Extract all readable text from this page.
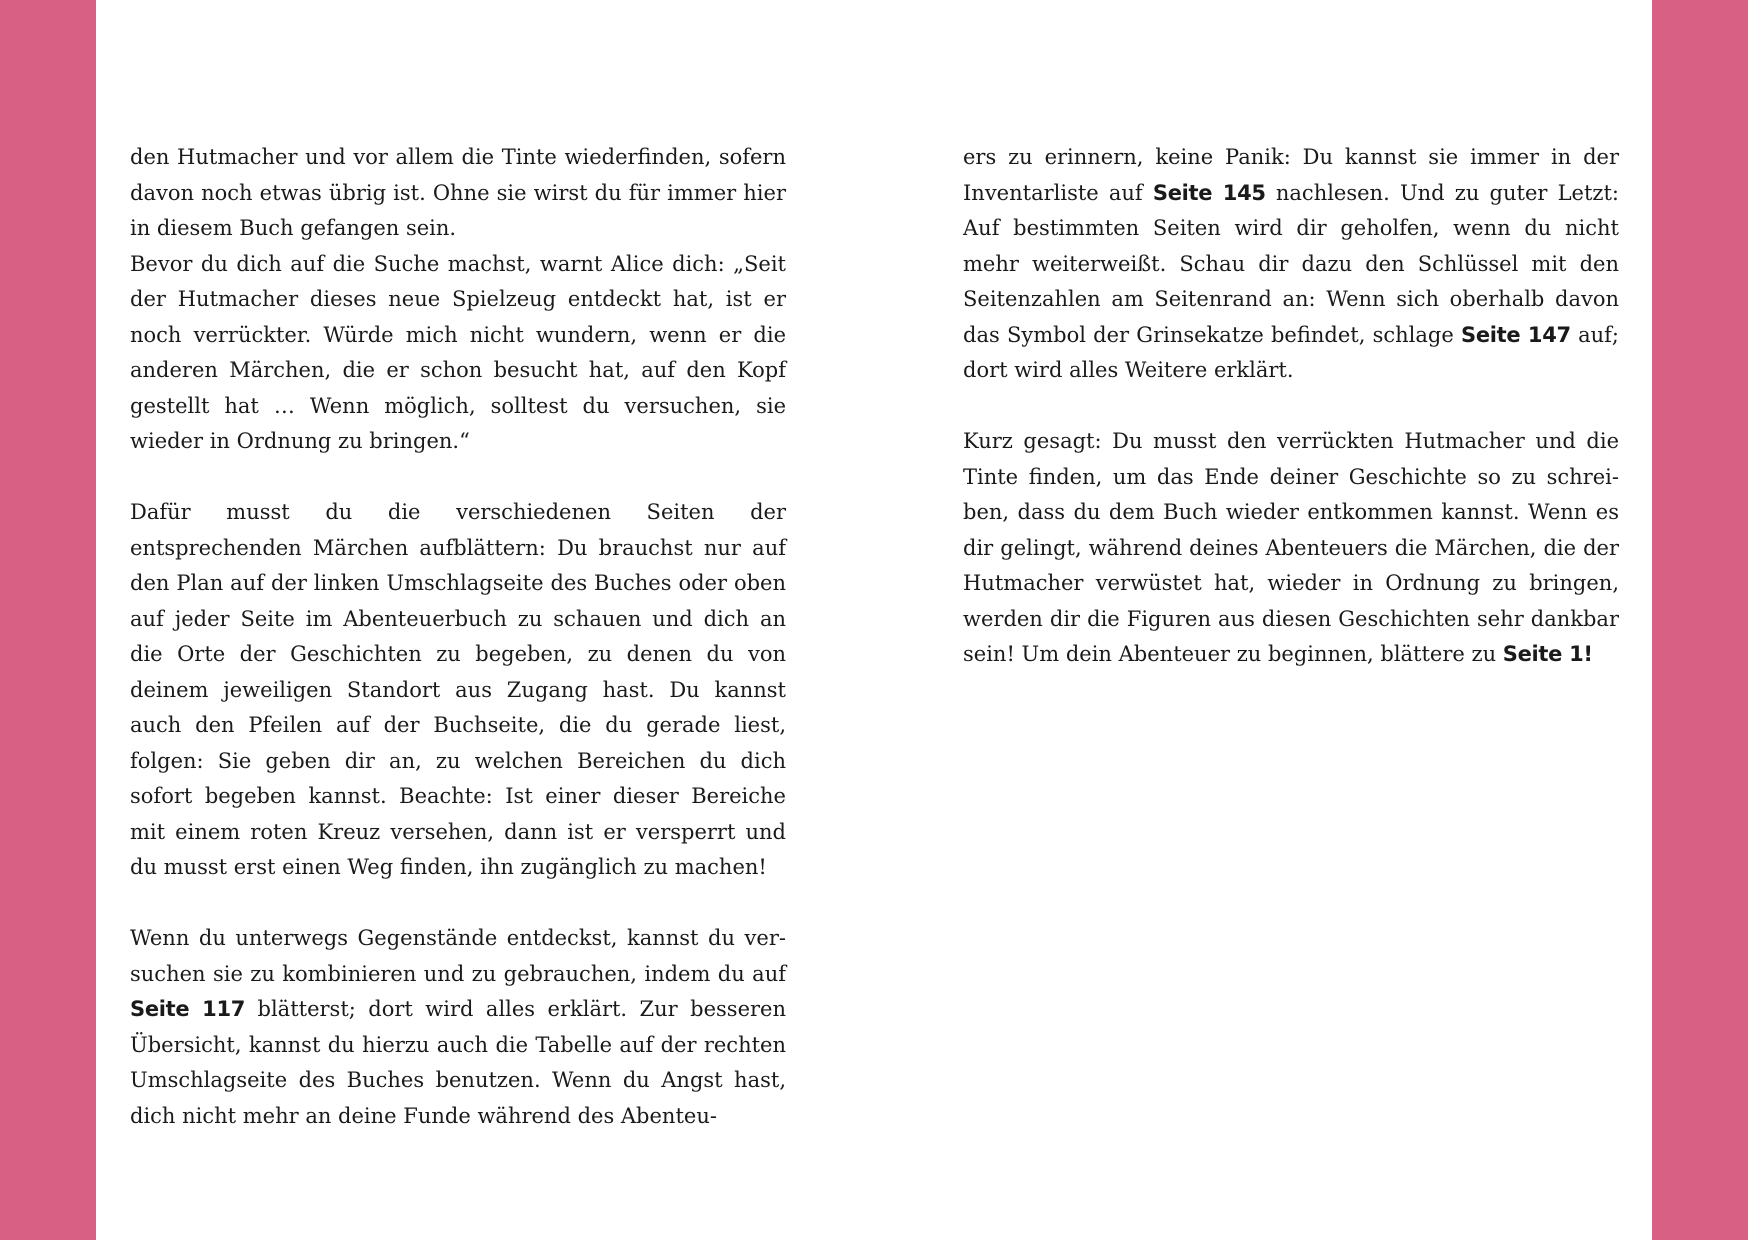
den Hutmacher und vor allem die Tinte wiederfinden, sofern davon noch etwas übrig ist. Ohne sie wirst du für immer hier in diesem Buch gefangen sein.

Bevor du dich auf die Suche machst, warnt Alice dich: „Seit der Hutmacher dieses neue Spielzeug entdeckt hat, ist er noch verrückter. Würde mich nicht wundern, wenn er die anderen Märchen, die er schon besucht hat, auf den Kopf gestellt hat … Wenn möglich, solltest du versuchen, sie wieder in Ordnung zu bringen.“

Dafür musst du die verschiedenen Seiten der entsprechenden Märchen aufblättern: Du brauchst nur auf den Plan auf der linken Umschlagseite des Buches oder oben auf jeder Seite im Abenteuerbuch zu schauen und dich an die Orte der Geschichten zu begeben, zu denen du von deinem jeweiligen Standort aus Zugang hast. Du kannst auch den Pfeilen auf der Buchseite, die du gerade liest, folgen: Sie geben dir an, zu welchen Bereichen du dich sofort begeben kannst. Beachte: Ist einer dieser Bereiche mit einem roten Kreuz versehen, dann ist er versperrt und du musst erst einen Weg finden, ihn zugänglich zu machen!

Wenn du unterwegs Gegenstände entdeckst, kannst du versuchen sie zu kombinieren und zu gebrauchen, indem du auf Seite 117 blätterst; dort wird alles erklärt. Zur besseren Übersicht, kannst du hierzu auch die Tabelle auf der rechten Umschlagseite des Buches benutzen. Wenn du Angst hast, dich nicht mehr an deine Funde während des Abenteu-

ers zu erinnern, keine Panik: Du kannst sie immer in der Inventarliste auf Seite 145 nachlesen. Und zu guter Letzt: Auf bestimmten Seiten wird dir geholfen, wenn du nicht mehr weiterweißt. Schau dir dazu den Schlüssel mit den Seitenzahlen am Seitenrand an: Wenn sich oberhalb davon das Symbol der Grinsekatze befindet, schlage Seite 147 auf; dort wird alles Weitere erklärt.

Kurz gesagt: Du musst den verrückten Hutmacher und die Tinte finden, um das Ende deiner Geschichte so zu schreiben, dass du dem Buch wieder entkommen kannst. Wenn es dir gelingt, während deines Abenteuers die Märchen, die der Hutmacher verwüstet hat, wieder in Ordnung zu bringen, werden dir die Figuren aus diesen Geschichten sehr dankbar sein! Um dein Abenteuer zu beginnen, blättere zu Seite 1!
